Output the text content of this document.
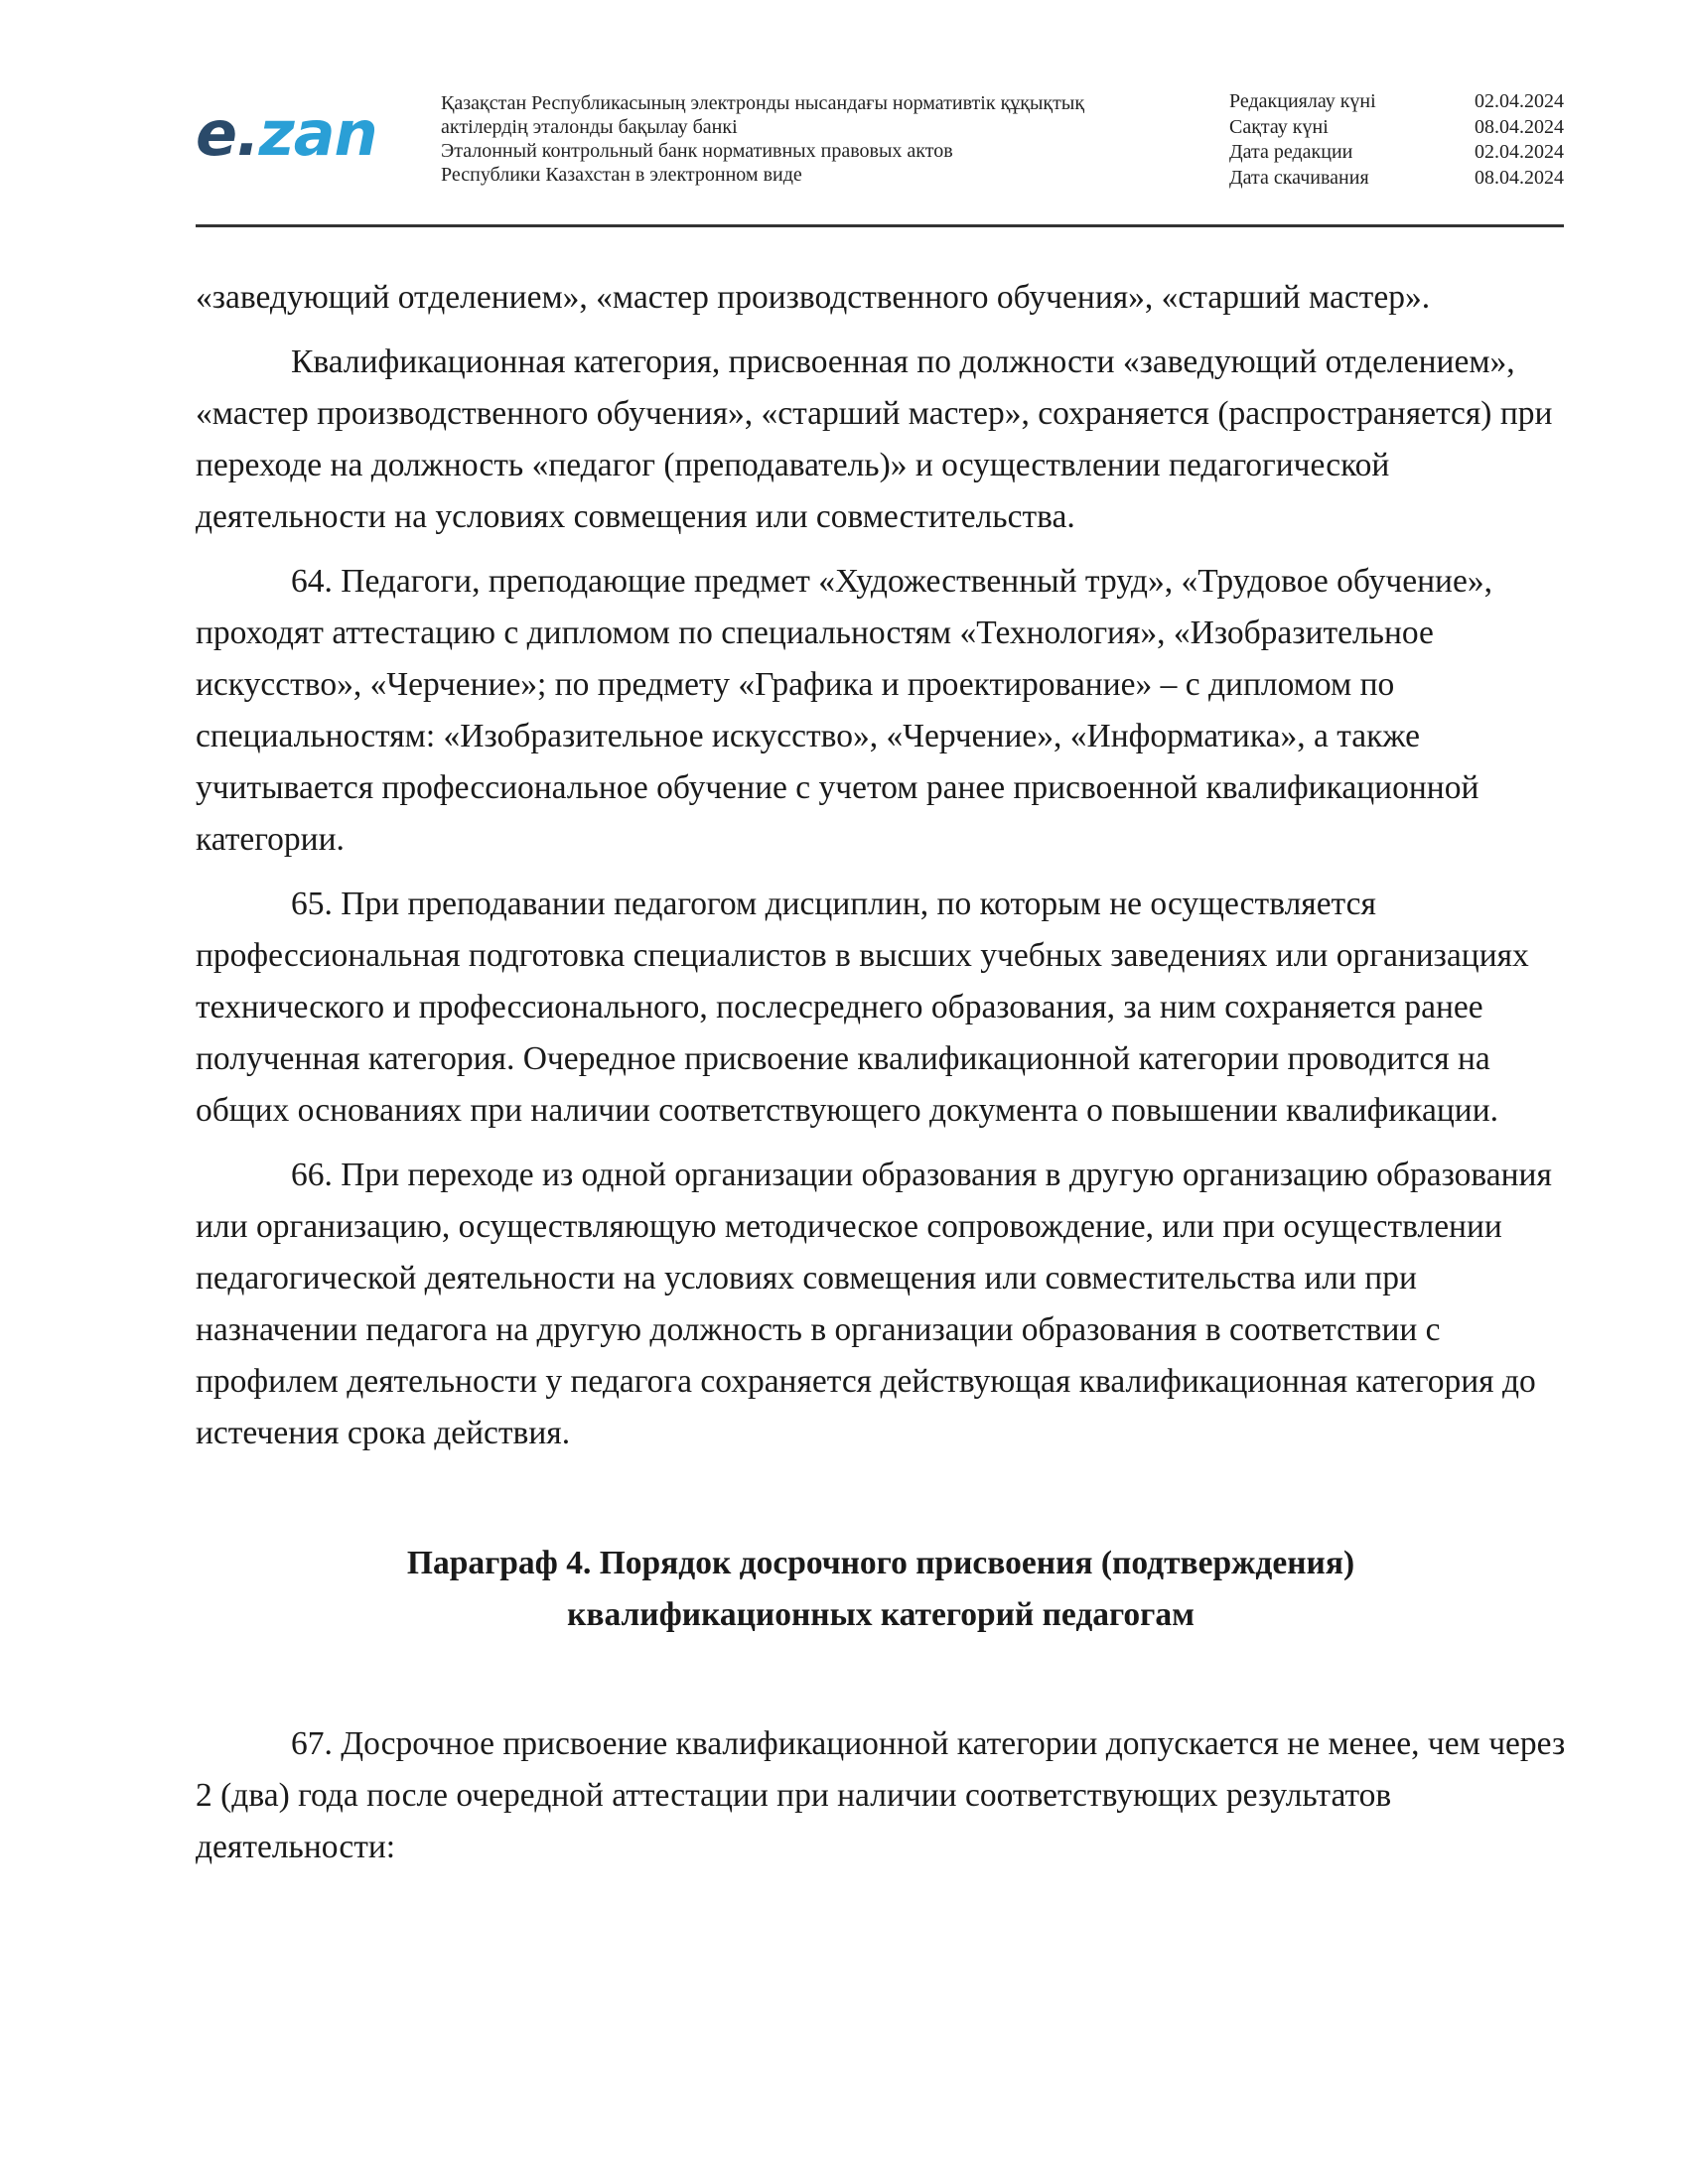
e . zan	Қазақстан Республикасының электронды нысандағы нормативтік құқықтық
актілердің эталонды бақылау банкі
Эталонный контрольный банк нормативных правовых актов
Республики Казахстан в электронном виде
Редакциялау күні	02.04.2024
Сақтау күні	08.04.2024
Дата редакции	02.04.2024
Дата скачивания	08.04.2024

«заведующий отделением», «мастер производственного обучения», «старший мастер».

Квалификационная категория, присвоенная по должности «заведующий отделением», «мастер производственного обучения», «старший мастер», сохраняется (распространяется) при переходе на должность «педагог (преподаватель)» и осуществлении педагогической деятельности на условиях совмещения или совместительства.

64. Педагоги, преподающие предмет «Художественный труд», «Трудовое обучение», проходят аттестацию с дипломом по специальностям «Технология», «Изобразительное искусство», «Черчение»; по предмету «Графика и проектирование» – с дипломом по специальностям: «Изобразительное искусство», «Черчение», «Информатика», а также учитывается профессиональное обучение с учетом ранее присвоенной квалификационной категории.

65. При преподавании педагогом дисциплин, по которым не осуществляется профессиональная подготовка специалистов в высших учебных заведениях или организациях технического и профессионального, послесреднего образования, за ним сохраняется ранее полученная категория. Очередное присвоение квалификационной категории проводится на общих основаниях при наличии соответствующего документа о повышении квалификации.

66. При переходе из одной организации образования в другую организацию образования или организацию, осуществляющую методическое сопровождение, или при осуществлении педагогической деятельности на условиях совмещения или совместительства или при назначении педагога на другую должность в организации образования в соответствии с профилем деятельности у педагога сохраняется действующая квалификационная категория до истечения срока действия.

Параграф 4. Порядок досрочного присвоения (подтверждения)
квалификационных категорий педагогам

67. Досрочное присвоение квалификационной категории допускается не менее, чем через 2 (два) года после очередной аттестации при наличии соответствующих результатов деятельности:
